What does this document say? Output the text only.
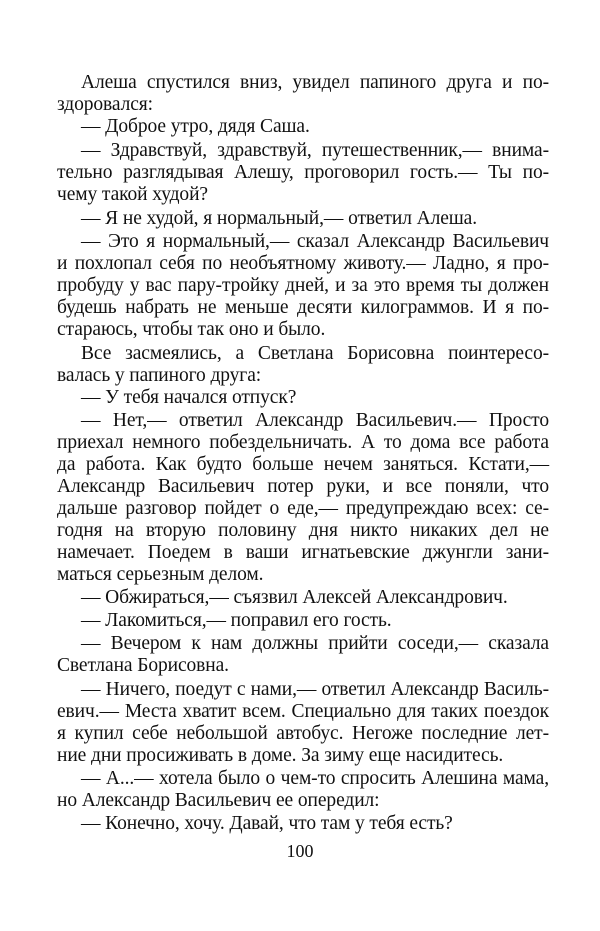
Алеша спустился вниз, увидел папиного друга и по-
здоровался:
— Доброе утро, дядя Саша.
— Здравствуй, здравствуй, путешественник,— внима-
тельно разглядывая Алешу, проговорил гость.— Ты по-
чему такой худой?
— Я не худой, я нормальный,— ответил Алеша.
— Это я нормальный,— сказал Александр Васильевич
и похлопал себя по необъятному животу.— Ладно, я про-
пробуду у вас пару-тройку дней, и за это время ты должен
будешь набрать не меньше десяти килограммов. И я по-
стараюсь, чтобы так оно и было.
Все засмеялись, а Светлана Борисовна поинтересо-
валась у папиного друга:
— У тебя начался отпуск?
— Нет,— ответил Александр Васильевич.— Просто
приехал немного побездельничать. А то дома все работа
да работа. Как будто больше нечем заняться. Кстати,—
Александр Васильевич потер руки, и все поняли, что
дальше разговор пойдет о еде,— предупреждаю всех: се-
годня на вторую половину дня никто никаких дел не
намечает. Поедем в ваши игнатьевские джунгли зани-
маться серьезным делом.
— Обжираться,— съязвил Алексей Александрович.
— Лакомиться,— поправил его гость.
— Вечером к нам должны прийти соседи,— сказала
Светлана Борисовна.
— Ничего, поедут с нами,— ответил Александр Василь-
евич.— Места хватит всем. Специально для таких поездок
я купил себе небольшой автобус. Негоже последние лет-
ние дни просиживать в доме. За зиму еще насидитесь.
— А...— хотела было о чем-то спросить Алешина мама,
но Александр Васильевич ее опередил:
— Конечно, хочу. Давай, что там у тебя есть?
100
